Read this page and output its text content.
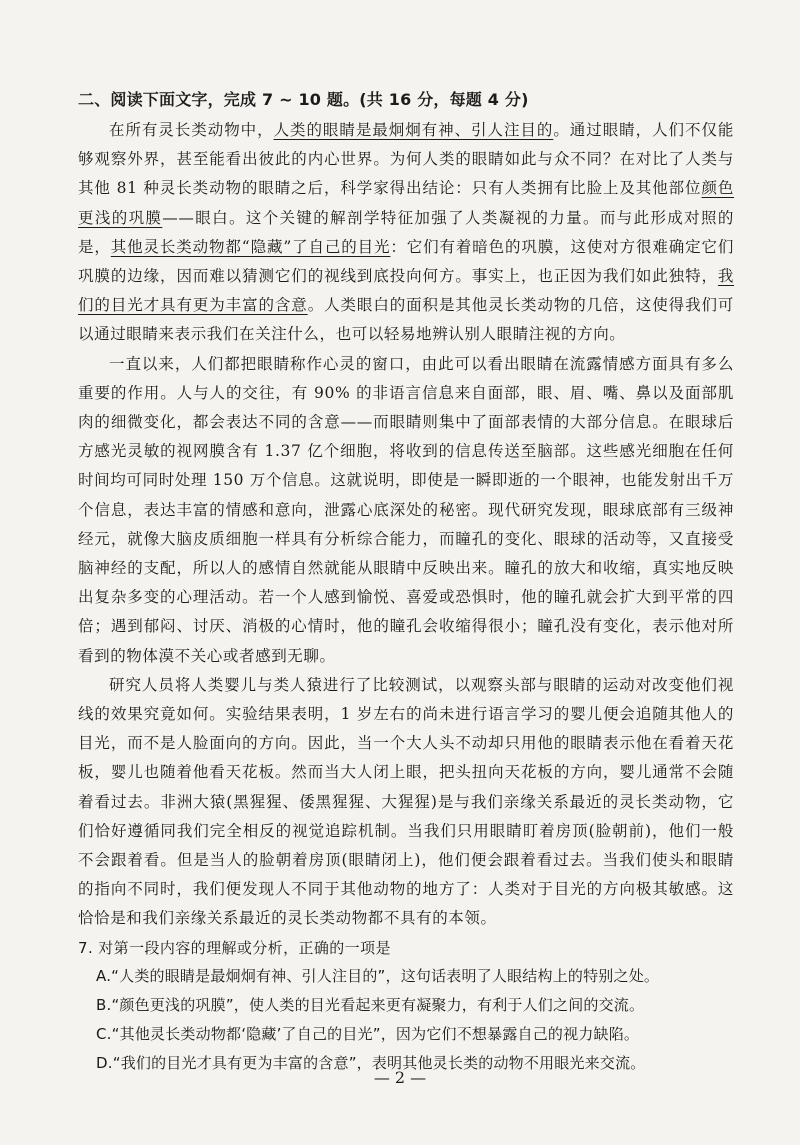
二、阅读下面文字，完成 7 ~ 10 题。(共 16 分，每题 4 分)

在所有灵长类动物中，人类的眼睛是最炯炯有神、引人注目的。通过眼睛，人们不仅能够观察外界，甚至能看出彼此的内心世界。为何人类的眼睛如此与众不同？在对比了人类与其他 81 种灵长类动物的眼睛之后，科学家得出结论：只有人类拥有比脸上及其他部位颜色更浅的巩膜——眼白。这个关键的解剖学特征加强了人类凝视的力量。而与此形成对照的是，其他灵长类动物都“隐藏”了自己的目光：它们有着暗色的巩膜，这使对方很难确定它们巩膜的边缘，因而难以猜测它们的视线到底投向何方。事实上，也正因为我们如此独特，我们的目光才具有更为丰富的含意。人类眼白的面积是其他灵长类动物的几倍，这使得我们可以通过眼睛来表示我们在关注什么，也可以轻易地辨认别人眼睛注视的方向。

一直以来，人们都把眼睛称作心灵的窗口，由此可以看出眼睛在流露情感方面具有多么重要的作用。人与人的交往，有 90% 的非语言信息来自面部，眼、眉、嘴、鼻以及面部肌肉的细微变化，都会表达不同的含意——而眼睛则集中了面部表情的大部分信息。在眼球后方感光灵敏的视网膜含有 1.37 亿个细胞，将收到的信息传送至脑部。这些感光细胞在任何时间均可同时处理 150 万个信息。这就说明，即使是一瞬即逝的一个眼神，也能发射出千万个信息，表达丰富的情感和意向，泄露心底深处的秘密。现代研究发现，眼球底部有三级神经元，就像大脑皮质细胞一样具有分析综合能力，而瞳孔的变化、眼球的活动等，又直接受脑神经的支配，所以人的感情自然就能从眼睛中反映出来。瞳孔的放大和收缩，真实地反映出复杂多变的心理活动。若一个人感到愉悦、喜爱或恐惧时，他的瞳孔就会扩大到平常的四倍；遇到郁闷、讨厌、消极的心情时，他的瞳孔会收缩得很小；瞳孔没有变化，表示他对所看到的物体漠不关心或者感到无聊。

研究人员将人类婴儿与类人猿进行了比较测试，以观察头部与眼睛的运动对改变他们视线的效果究竟如何。实验结果表明，1 岁左右的尚未进行语言学习的婴儿便会追随其他人的目光，而不是人脸面向的方向。因此，当一个大人头不动却只用他的眼睛表示他在看着天花板，婴儿也随着他看天花板。然而当大人闭上眼，把头扭向天花板的方向，婴儿通常不会随着看过去。非洲大猿(黑猩猩、倭黑猩猩、大猩猩)是与我们亲缘关系最近的灵长类动物，它们恰好遵循同我们完全相反的视觉追踪机制。当我们只用眼睛盯着房顶(脸朝前)，他们一般不会跟着看。但是当人的脸朝着房顶(眼睛闭上)，他们便会跟着看过去。当我们使头和眼睛的指向不同时，我们便发现人不同于其他动物的地方了：人类对于目光的方向极其敏感。这恰恰是和我们亲缘关系最近的灵长类动物都不具有的本领。

7. 对第一段内容的理解或分析，正确的一项是

A.“人类的眼睛是最炯炯有神、引人注目的”，这句话表明了人眼结构上的特别之处。
B.“颜色更浅的巩膜”，使人类的目光看起来更有凝聚力，有利于人们之间的交流。
C.“其他灵长类动物都‘隐藏’了自己的目光”，因为它们不想暴露自己的视力缺陷。
D.“我们的目光才具有更为丰富的含意”，表明其他灵长类的动物不用眼光来交流。
— 2 —
